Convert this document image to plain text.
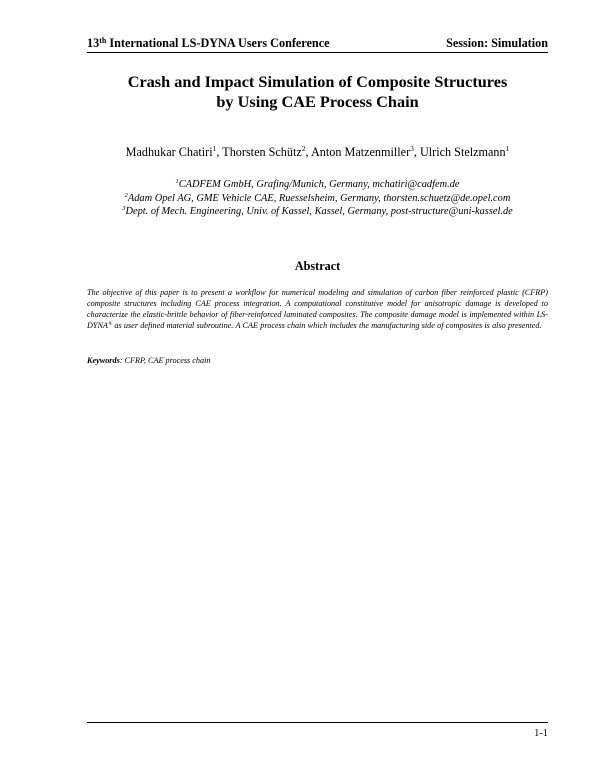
13th International LS-DYNA Users Conference	Session: Simulation
Crash and Impact Simulation of Composite Structures
by Using CAE Process Chain
Madhukar Chatiri$^1$, Thorsten Schütz$^2$, Anton Matzenmiller$^3$, Ulrich Stelzmann$^1$
$^1$CADFEM GmbH, Grafing/Munich, Germany, mchatiri@cadfem.de
$^2$Adam Opel AG, GME Vehicle CAE, Ruesselsheim, Germany, thorsten.schuetz@de.opel.com
$^3$Dept. of Mech. Engineering, Univ. of Kassel, Kassel, Germany, post-structure@uni-kassel.de
Abstract
The objective of this paper is to present a workflow for numerical modeling and simulation of carbon fiber reinforced plastic (CFRP) composite structures including CAE process integration. A computational constitutive model for anisotropic damage is developed to characterize the elastic-brittle behavior of fiber-reinforced laminated composites. The composite damage model is implemented within LS-DYNA® as user defined material subroutine. A CAE process chain which includes the manufacturing side of composites is also presented.
Keywords: CFRP, CAE process chain
1-1
